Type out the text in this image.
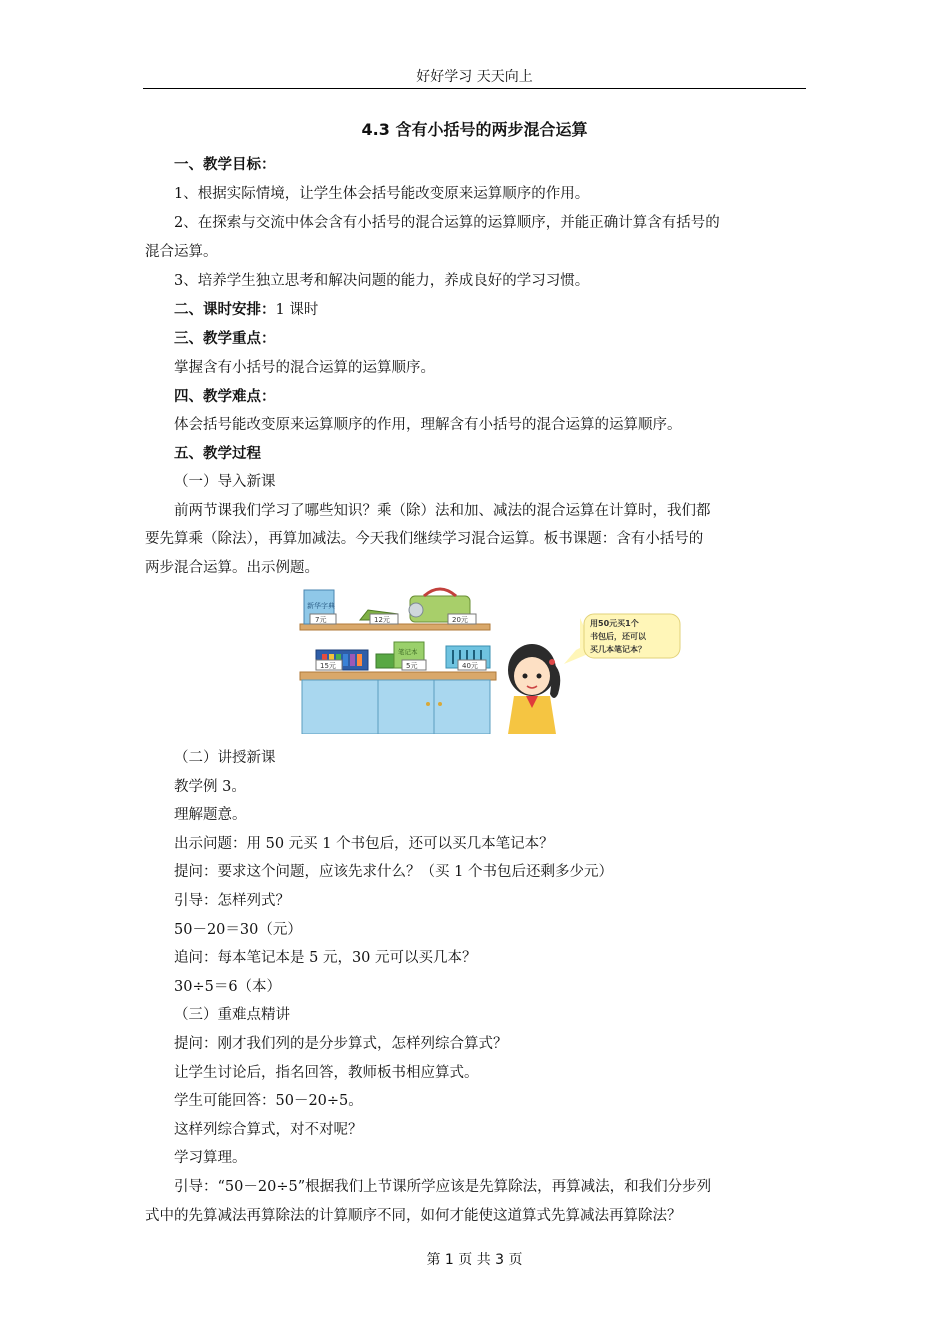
好好学习 天天向上
4.3 含有小括号的两步混合运算
一、教学目标：
1、根据实际情境，让学生体会括号能改变原来运算顺序的作用。
2、在探索与交流中体会含有小括号的混合运算的运算顺序，并能正确计算含有括号的
混合运算。
3、培养学生独立思考和解决问题的能力，养成良好的学习习惯。
二、课时安排：1 课时
三、教学重点：
掌握含有小括号的混合运算的运算顺序。
四、教学难点：
体会括号能改变原来运算顺序的作用，理解含有小括号的混合运算的运算顺序。
五、教学过程
（一）导入新课
前两节课我们学习了哪些知识？乘（除）法和加、减法的混合运算在计算时，我们都
要先算乘（除法），再算加减法。今天我们继续学习混合运算。板书课题：含有小括号的
两步混合运算。出示例题。
新华字典
7元	12元	20元
笔记本
15元	5元	40元
用50元买1个
书包后，还可以
买几本笔记本？
（二）讲授新课
教学例 3。
理解题意。
出示问题：用 50 元买 1 个书包后，还可以买几本笔记本？
提问：要求这个问题，应该先求什么？（买 1 个书包后还剩多少元）
引导：怎样列式？
50－20＝30（元）
追问：每本笔记本是 5 元，30 元可以买几本？
30÷5＝6（本）
（三）重难点精讲
提问：刚才我们列的是分步算式，怎样列综合算式？
让学生讨论后，指名回答，教师板书相应算式。
学生可能回答：50－20÷5。
这样列综合算式，对不对呢？
学习算理。
引导：“50－20÷5”根据我们上节课所学应该是先算除法，再算减法，和我们分步列
式中的先算减法再算除法的计算顺序不同，如何才能使这道算式先算减法再算除法？
第 1 页 共 3 页
